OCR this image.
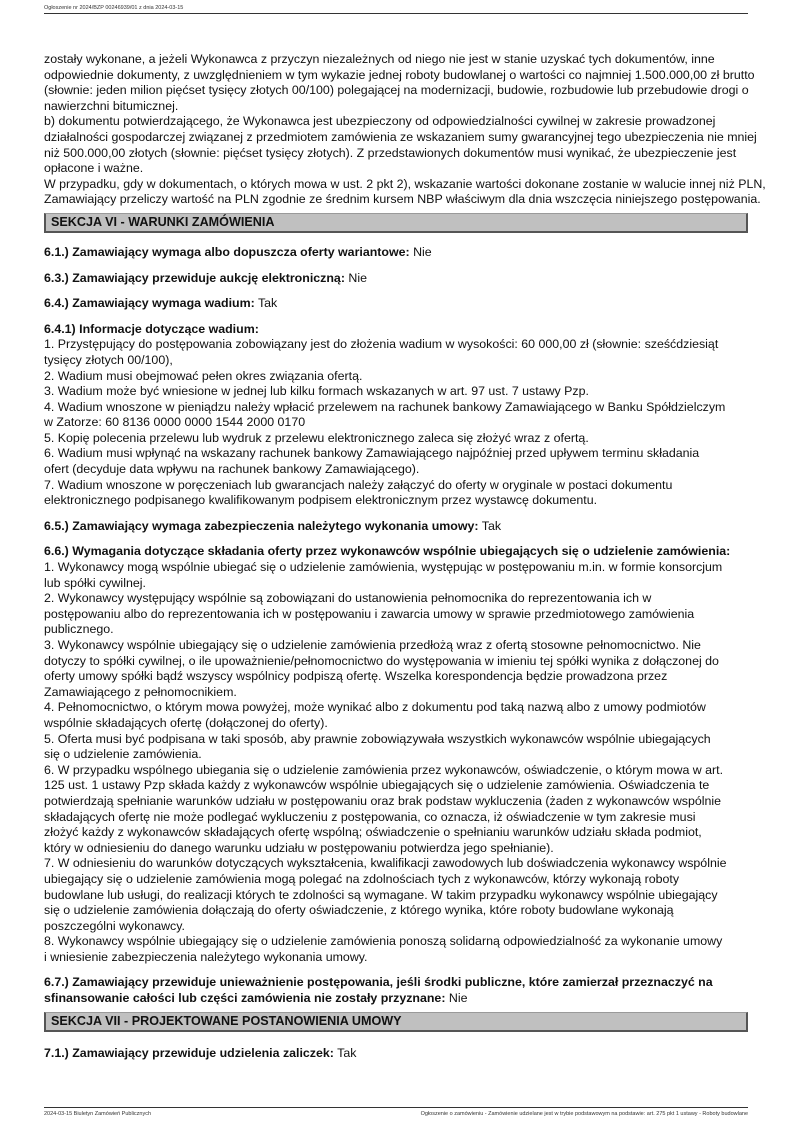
Ogłoszenie nr 2024/BZP 00246939/01 z dnia 2024-03-15
zostały wykonane, a jeżeli Wykonawca z przyczyn niezależnych od niego nie jest w stanie uzyskać tych dokumentów, inne
odpowiednie dokumenty, z uwzględnieniem w tym wykazie jednej roboty budowlanej o wartości co najmniej 1.500.000,00 zł brutto
(słownie: jeden milion pięćset tysięcy złotych 00/100) polegającej na modernizacji, budowie, rozbudowie lub przebudowie drogi o
nawierzchni bitumicznej.
b) dokumentu potwierdzającego, że Wykonawca jest ubezpieczony od odpowiedzialności cywilnej w zakresie prowadzonej
działalności gospodarczej związanej z przedmiotem zamówienia ze wskazaniem sumy gwarancyjnej tego ubezpieczenia nie mniej
niż 500.000,00 złotych (słownie: pięćset tysięcy złotych). Z przedstawionych dokumentów musi wynikać, że ubezpieczenie jest
opłacone i ważne.
W przypadku, gdy w dokumentach, o których mowa w ust. 2 pkt 2), wskazanie wartości dokonane zostanie w walucie innej niż PLN,
Zamawiający przeliczy wartość na PLN zgodnie ze średnim kursem NBP właściwym dla dnia wszczęcia niniejszego postępowania.
SEKCJA VI - WARUNKI ZAMÓWIENIA

6.1.) Zamawiający wymaga albo dopuszcza oferty wariantowe: Nie

6.3.) Zamawiający przewiduje aukcję elektroniczną: Nie

6.4.) Zamawiający wymaga wadium: Tak

6.4.1) Informacje dotyczące wadium:
1. Przystępujący do postępowania zobowiązany jest do złożenia wadium w wysokości: 60 000,00 zł (słownie: sześćdziesiąt
tysięcy złotych 00/100),
2. Wadium musi obejmować pełen okres związania ofertą.
3. Wadium może być wniesione w jednej lub kilku formach wskazanych w art. 97 ust. 7 ustawy Pzp.
4. Wadium wnoszone w pieniądzu należy wpłacić przelewem na rachunek bankowy Zamawiającego w Banku Spółdzielczym
w Zatorze: 60 8136 0000 0000 1544 2000 0170
5. Kopię polecenia przelewu lub wydruk z przelewu elektronicznego zaleca się złożyć wraz z ofertą.
6. Wadium musi wpłynąć na wskazany rachunek bankowy Zamawiającego najpóźniej przed upływem terminu składania
ofert (decyduje data wpływu na rachunek bankowy Zamawiającego).
7. Wadium wnoszone w poręczeniach lub gwarancjach należy załączyć do oferty w oryginale w postaci dokumentu
elektronicznego podpisanego kwalifikowanym podpisem elektronicznym przez wystawcę dokumentu.

6.5.) Zamawiający wymaga zabezpieczenia należytego wykonania umowy: Tak

6.6.) Wymagania dotyczące składania oferty przez wykonawców wspólnie ubiegających się o udzielenie zamówienia:
1. Wykonawcy mogą wspólnie ubiegać się o udzielenie zamówienia, występując w postępowaniu m.in. w formie konsorcjum
lub spółki cywilnej.
2. Wykonawcy występujący wspólnie są zobowiązani do ustanowienia pełnomocnika do reprezentowania ich w
postępowaniu albo do reprezentowania ich w postępowaniu i zawarcia umowy w sprawie przedmiotowego zamówienia
publicznego.
3. Wykonawcy wspólnie ubiegający się o udzielenie zamówienia przedłożą wraz z ofertą stosowne pełnomocnictwo. Nie
dotyczy to spółki cywilnej, o ile upoważnienie/pełnomocnictwo do występowania w imieniu tej spółki wynika z dołączonej do
oferty umowy spółki bądź wszyscy wspólnicy podpiszą ofertę. Wszelka korespondencja będzie prowadzona przez
Zamawiającego z pełnomocnikiem.
4. Pełnomocnictwo, o którym mowa powyżej, może wynikać albo z dokumentu pod taką nazwą albo z umowy podmiotów
wspólnie składających ofertę (dołączonej do oferty).
5. Oferta musi być podpisana w taki sposób, aby prawnie zobowiązywała wszystkich wykonawców wspólnie ubiegających
się o udzielenie zamówienia.
6. W przypadku wspólnego ubiegania się o udzielenie zamówienia przez wykonawców, oświadczenie, o którym mowa w art.
125 ust. 1 ustawy Pzp składa każdy z wykonawców wspólnie ubiegających się o udzielenie zamówienia. Oświadczenia te
potwierdzają spełnianie warunków udziału w postępowaniu oraz brak podstaw wykluczenia (żaden z wykonawców wspólnie
składających ofertę nie może podlegać wykluczeniu z postępowania, co oznacza, iż oświadczenie w tym zakresie musi
złożyć każdy z wykonawców składających ofertę wspólną; oświadczenie o spełnianiu warunków udziału składa podmiot,
który w odniesieniu do danego warunku udziału w postępowaniu potwierdza jego spełnianie).
7. W odniesieniu do warunków dotyczących wykształcenia, kwalifikacji zawodowych lub doświadczenia wykonawcy wspólnie
ubiegający się o udzielenie zamówienia mogą polegać na zdolnościach tych z wykonawców, którzy wykonają roboty
budowlane lub usługi, do realizacji których te zdolności są wymagane. W takim przypadku wykonawcy wspólnie ubiegający
się o udzielenie zamówienia dołączają do oferty oświadczenie, z którego wynika, które roboty budowlane wykonają
poszczególni wykonawcy.
8. Wykonawcy wspólnie ubiegający się o udzielenie zamówienia ponoszą solidarną odpowiedzialność za wykonanie umowy
i wniesienie zabezpieczenia należytego wykonania umowy.
6.7.) Zamawiający przewiduje unieważnienie postępowania, jeśli środki publiczne, które zamierzał przeznaczyć na
sfinansowanie całości lub części zamówienia nie zostały przyznane: Nie
SEKCJA VII - PROJEKTOWANE POSTANOWIENIA UMOWY

7.1.) Zamawiający przewiduje udzielenia zaliczek: Tak

2024-03-15 Biuletyn Zamówień Publicznych	Ogłoszenie o zamówieniu - Zamówienie udzielane jest w trybie podstawowym na podstawie: art. 275 pkt 1 ustawy - Roboty budowlane
